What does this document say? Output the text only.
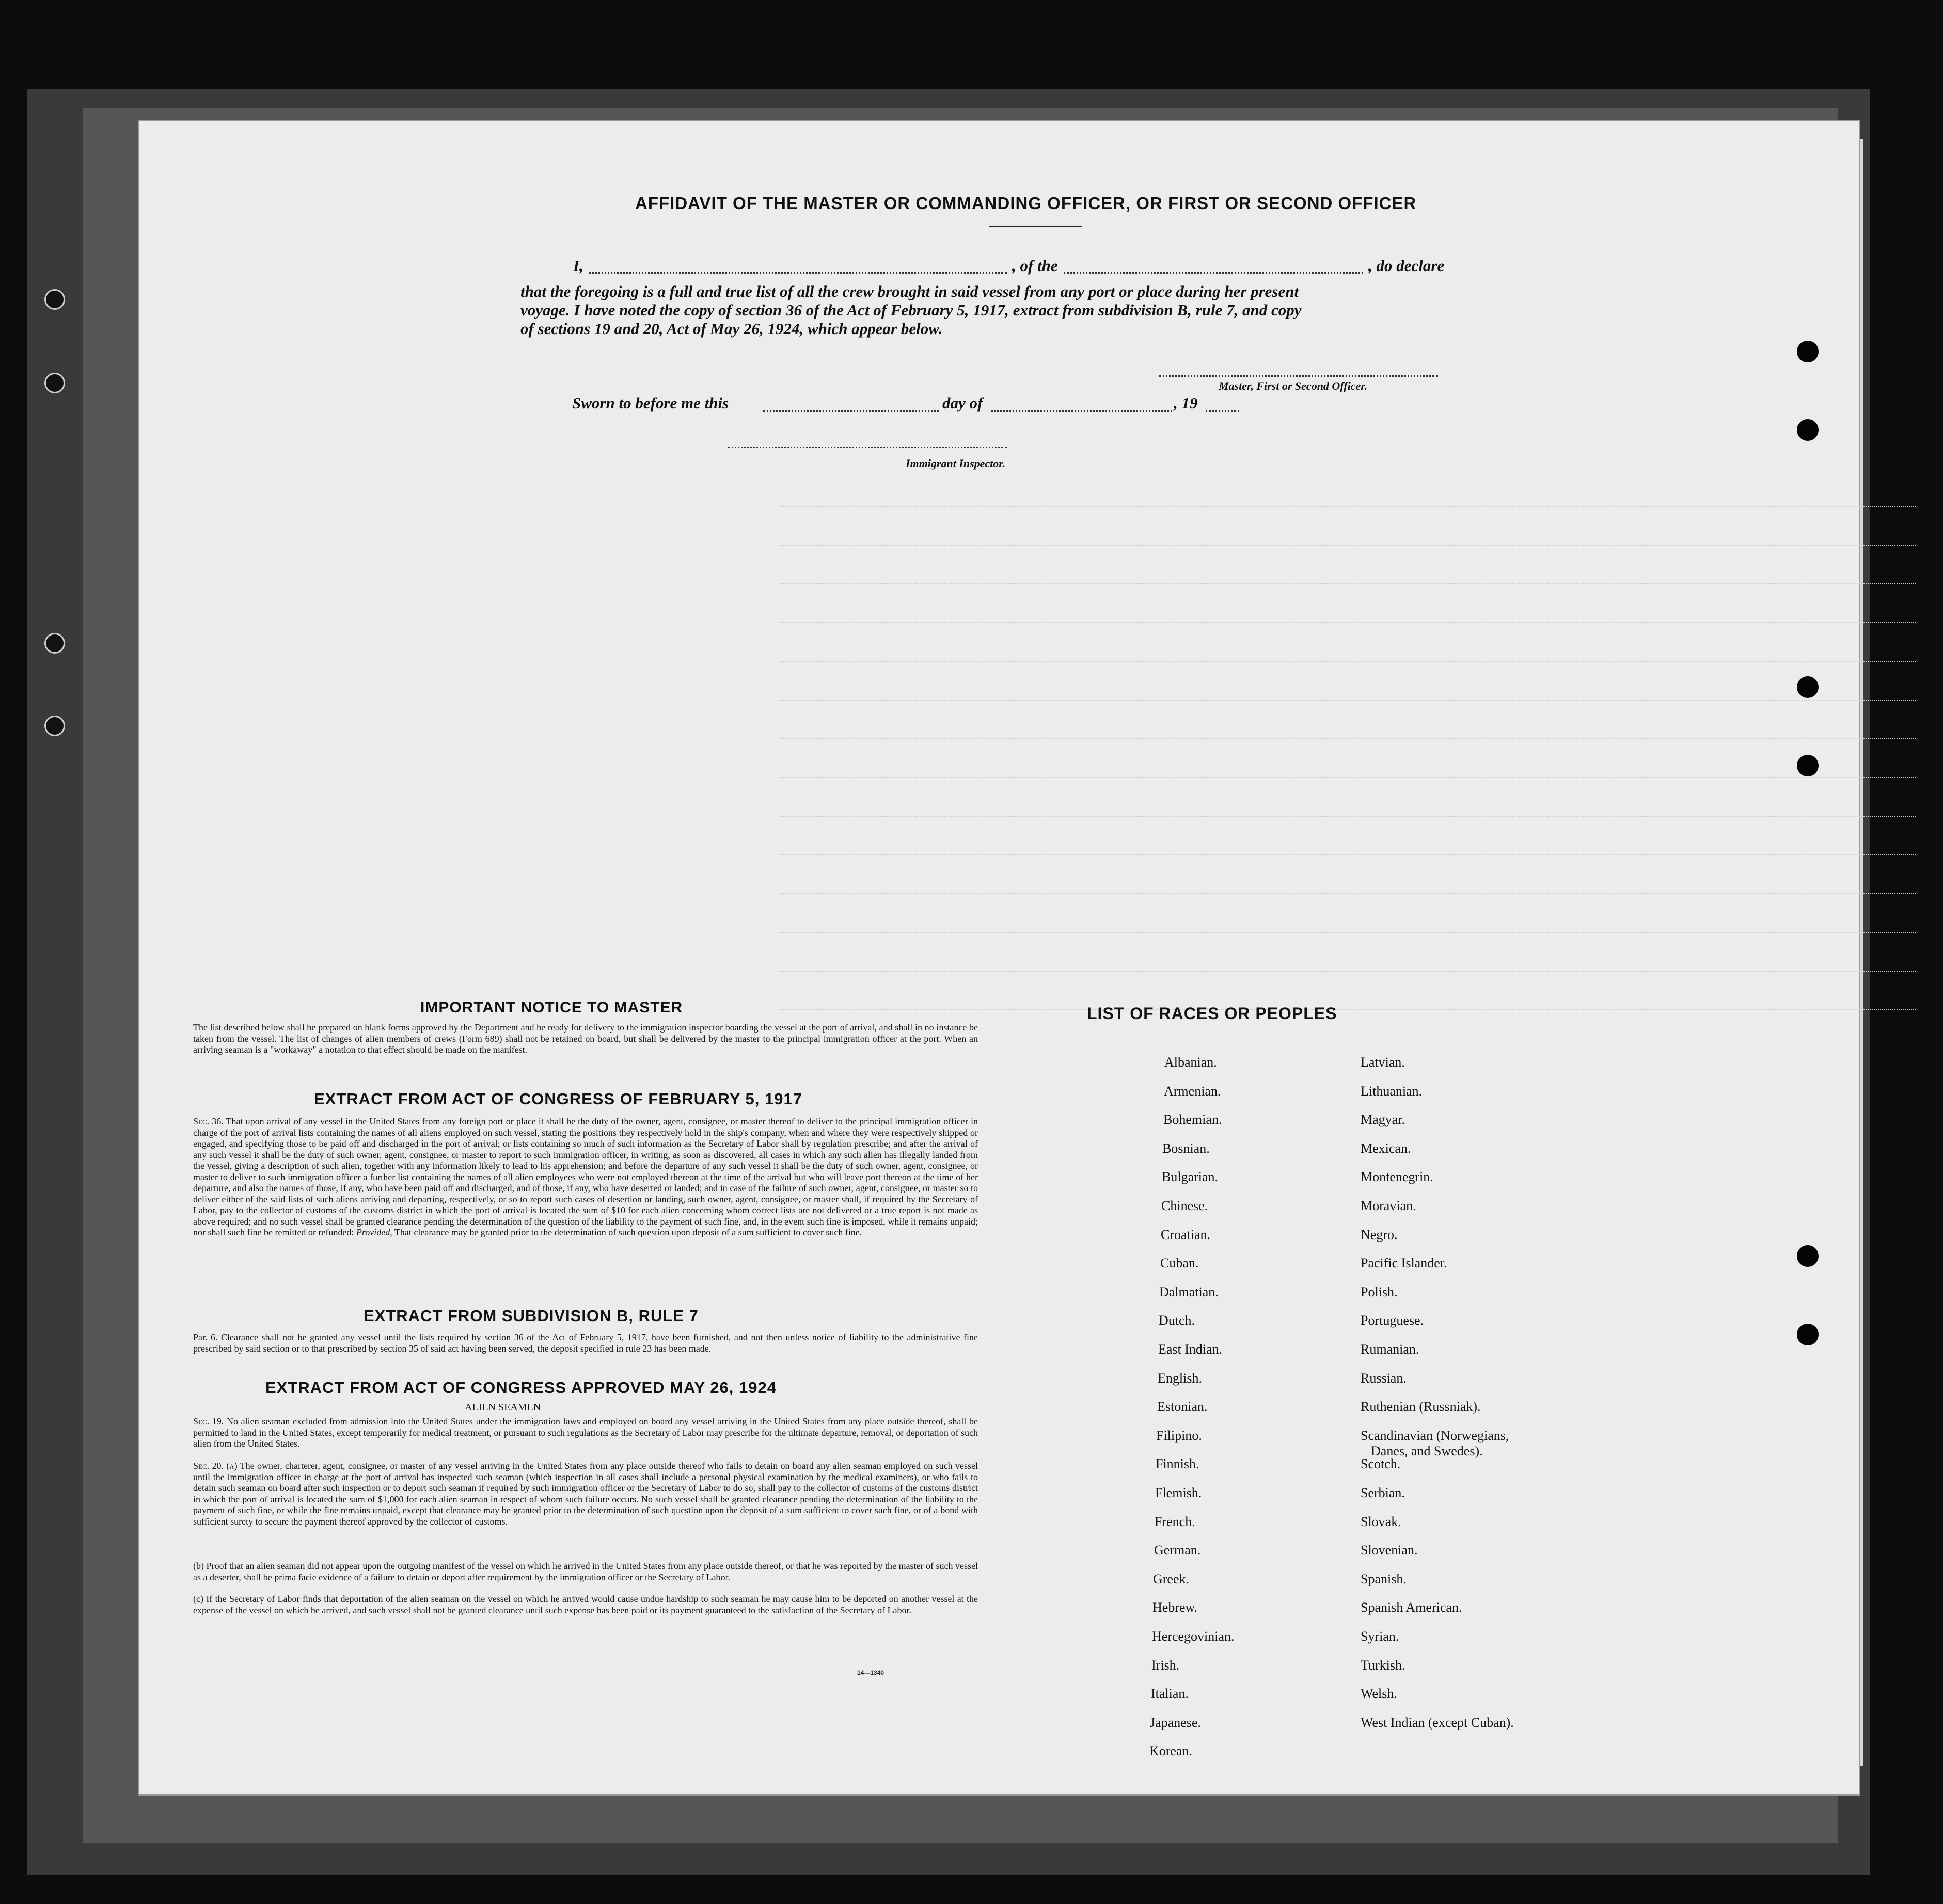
AFFIDAVIT OF THE MASTER OR COMMANDING OFFICER, OR FIRST OR SECOND OFFICER
I,	, of the	, do declare
that the foregoing is a full and true list of all the crew brought in said vessel from any port or place during her present
voyage. I have noted the copy of section 36 of the Act of February 5, 1917, extract from subdivision B, rule 7, and copy
of sections 19 and 20, Act of May 26, 1924, which appear below.
Master, First or Second Officer.
Sworn to before me this	day of	, 19
Immigrant Inspector.
IMPORTANT NOTICE TO MASTER

The list described below shall be prepared on blank forms approved by the Department and be ready for delivery to the immigration inspector boarding the vessel at the port of arrival, and shall in no instance be taken from the vessel. The list of changes of alien members of crews (Form 689) shall not be retained on board, but shall be delivered by the master to the principal immigration officer at the port. When an arriving seaman is a "workaway" a notation to that effect should be made on the manifest.

EXTRACT FROM ACT OF CONGRESS OF FEBRUARY 5, 1917

Sec. 36. That upon arrival of any vessel in the United States from any foreign port or place it shall be the duty of the owner, agent, consignee, or master thereof to deliver to the principal immigration officer in charge of the port of arrival lists containing the names of all aliens employed on such vessel, stating the positions they respectively hold in the ship's company, when and where they were respectively shipped or engaged, and specifying those to be paid off and discharged in the port of arrival; or lists containing so much of such information as the Secretary of Labor shall by regulation prescribe; and after the arrival of any such vessel it shall be the duty of such owner, agent, consignee, or master to report to such immigration officer, in writing, as soon as discovered, all cases in which any such alien has illegally landed from the vessel, giving a description of such alien, together with any information likely to lead to his apprehension; and before the departure of any such vessel it shall be the duty of such owner, agent, consignee, or master to deliver to such immigration officer a further list containing the names of all alien employees who were not employed thereon at the time of the arrival but who will leave port thereon at the time of her departure, and also the names of those, if any, who have been paid off and discharged, and of those, if any, who have deserted or landed; and in case of the failure of such owner, agent, consignee, or master so to deliver either of the said lists of such aliens arriving and departing, respectively, or so to report such cases of desertion or landing, such owner, agent, consignee, or master shall, if required by the Secretary of Labor, pay to the collector of customs of the customs district in which the port of arrival is located the sum of $10 for each alien concerning whom correct lists are not delivered or a true report is not made as above required; and no such vessel shall be granted clearance pending the determination of the question of the liability to the payment of such fine, and, in the event such fine is imposed, while it remains unpaid; nor shall such fine be remitted or refunded: Provided, That clearance may be granted prior to the determination of such question upon deposit of a sum sufficient to cover such fine.

EXTRACT FROM SUBDIVISION B, RULE 7

Par. 6. Clearance shall not be granted any vessel until the lists required by section 36 of the Act of February 5, 1917, have been furnished, and not then unless notice of liability to the administrative fine prescribed by said section or to that prescribed by section 35 of said act having been served, the deposit specified in rule 23 has been made.

EXTRACT FROM ACT OF CONGRESS APPROVED MAY 26, 1924
ALIEN SEAMEN

Sec. 19. No alien seaman excluded from admission into the United States under the immigration laws and employed on board any vessel arriving in the United States from any place outside thereof, shall be permitted to land in the United States, except temporarily for medical treatment, or pursuant to such regulations as the Secretary of Labor may prescribe for the ultimate departure, removal, or deportation of such alien from the United States.

Sec. 20. (a) The owner, charterer, agent, consignee, or master of any vessel arriving in the United States from any place outside thereof who fails to detain on board any alien seaman employed on such vessel until the immigration officer in charge at the port of arrival has inspected such seaman (which inspection in all cases shall include a personal physical examination by the medical examiners), or who fails to detain such seaman on board after such inspection or to deport such seaman if required by such immigration officer or the Secretary of Labor to do so, shall pay to the collector of customs of the customs district in which the port of arrival is located the sum of $1,000 for each alien seaman in respect of whom such failure occurs. No such vessel shall be granted clearance pending the determination of the liability to the payment of such fine, or while the fine remains unpaid, except that clearance may be granted prior to the determination of such question upon the deposit of a sum sufficient to cover such fine, or of a bond with sufficient surety to secure the payment thereof approved by the collector of customs.

(b) Proof that an alien seaman did not appear upon the outgoing manifest of the vessel on which he arrived in the United States from any place outside thereof, or that he was reported by the master of such vessel as a deserter, shall be prima facie evidence of a failure to detain or deport after requirement by the immigration officer or the Secretary of Labor.

(c) If the Secretary of Labor finds that deportation of the alien seaman on the vessel on which he arrived would cause undue hardship to such seaman he may cause him to be deported on another vessel at the expense of the vessel on which he arrived, and such vessel shall not be granted clearance until such expense has been paid or its payment guaranteed to the satisfaction of the Secretary of Labor.

14—1340
LIST OF RACES OR PEOPLES
Albanian.
Armenian.
Bohemian.
Bosnian.
Bulgarian.
Chinese.
Croatian.
Cuban.
Dalmatian.
Dutch.
East Indian.
English.
Estonian.
Filipino.
Finnish.
Flemish.
French.
German.
Greek.
Hebrew.
Hercegovinian.
Irish.
Italian.
Japanese.
Korean.
Latvian.
Lithuanian.
Magyar.
Mexican.
Montenegrin.
Moravian.
Negro.
Pacific Islander.
Polish.
Portuguese.
Rumanian.
Russian.
Ruthenian (Russniak).
Scandinavian (Norwegians,
Danes, and Swedes).
Scotch.
Serbian.
Slovak.
Slovenian.
Spanish.
Spanish American.
Syrian.
Turkish.
Welsh.
West Indian (except Cuban).
